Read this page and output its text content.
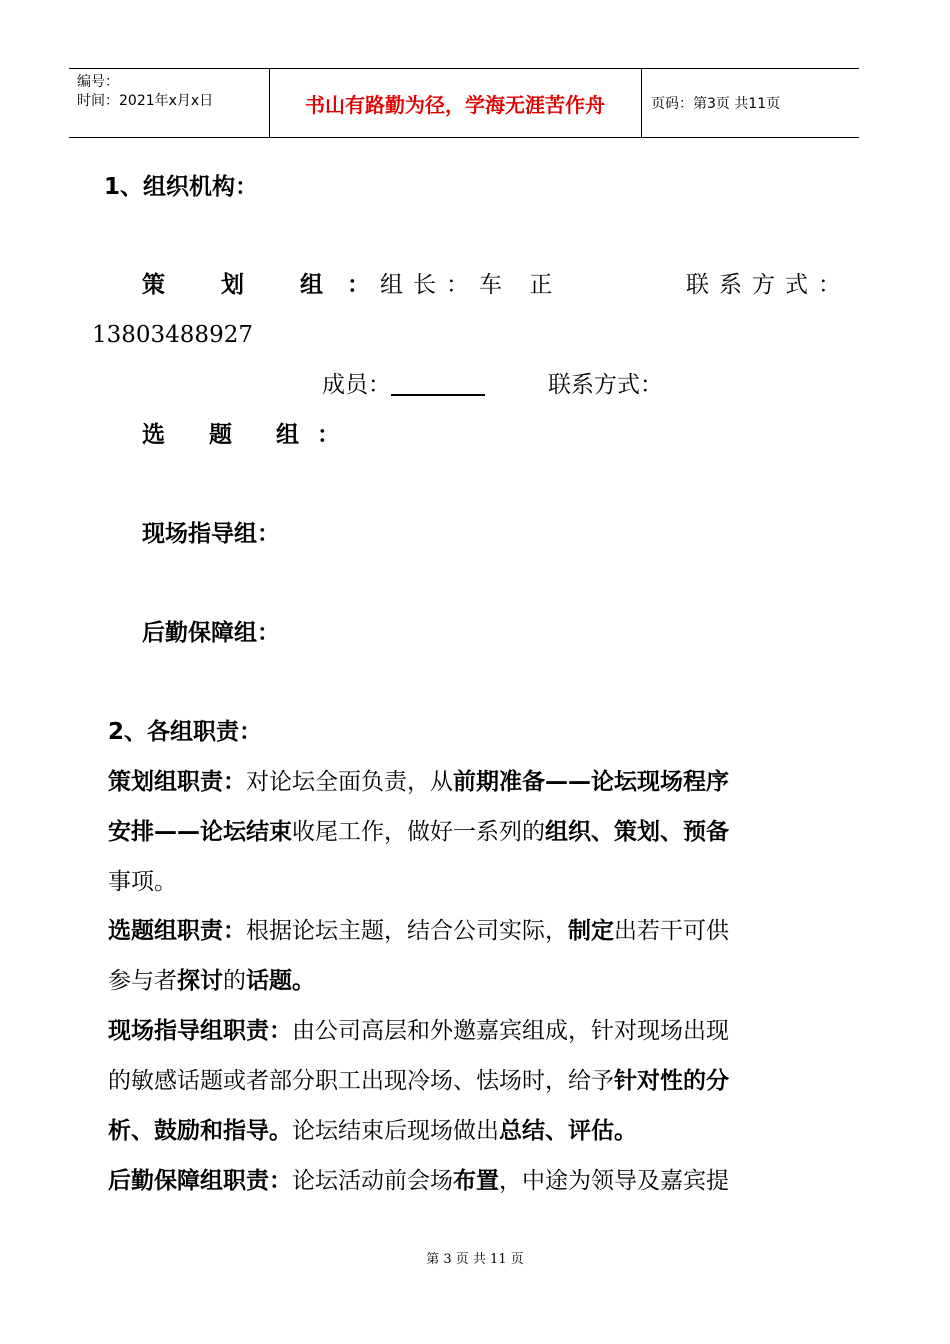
编号：
时间：2021年x月x日	书山有路勤为径，学海无涯苦作舟	页码：第3页 共11页
1、组织机构：
策 划 组：
组长：车 正	联系方式：
13803488927
成员：	联系方式：
选 题 组：
现场指导组：
后勤保障组：
2、各组职责：
策划组职责：对论坛全面负责，从前期准备——论坛现场程序
安排——论坛结束收尾工作，做好一系列的组织、策划、预备
事项。
选题组职责：根据论坛主题，结合公司实际，制定出若干可供
参与者探讨的话题。
现场指导组职责：由公司高层和外邀嘉宾组成，针对现场出现
的敏感话题或者部分职工出现冷场、怯场时，给予针对性的分
析、鼓励和指导。论坛结束后现场做出总结、评估。
后勤保障组职责：论坛活动前会场布置，中途为领导及嘉宾提
第 3 页 共 11 页
